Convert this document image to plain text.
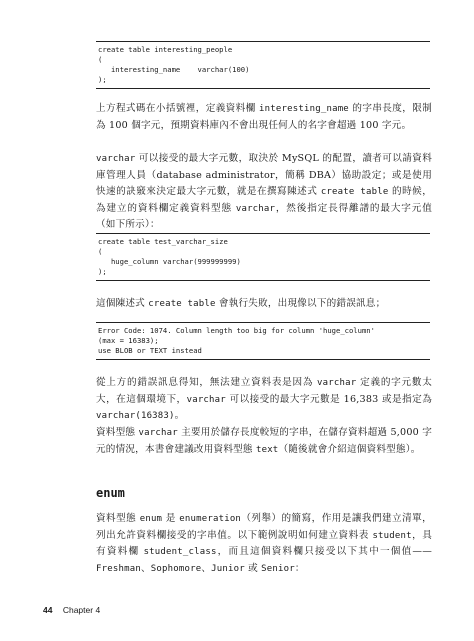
create table interesting_people
(
interesting_name    varchar(100)
);
上方程式碼在小括號裡，定義資料欄 interesting_name 的字串長度，限制為 100 個字元，預期資料庫內不會出現任何人的名字會超過 100 字元。
varchar 可以接受的最大字元數，取決於 MySQL 的配置，讀者可以請資料庫管理人員（database administrator，簡稱 DBA）協助設定；或是使用快速的訣竅來決定最大字元數，就是在撰寫陳述式 create table 的時候，為建立的資料欄定義資料型態 varchar，然後指定長得離譜的最大字元值（如下所示）：
create table test_varchar_size
(
huge_column varchar(999999999)
);
這個陳述式 create table 會執行失敗，出現像以下的錯誤訊息；
Error Code: 1074. Column length too big for column 'huge_column'
(max = 16383);
use BLOB or TEXT instead
從上方的錯誤訊息得知，無法建立資料表是因為 varchar 定義的字元數太大，在這個環境下，varchar 可以接受的最大字元數是 16,383 或是指定為 varchar(16383)。
資料型態 varchar 主要用於儲存長度較短的字串，在儲存資料超過 5,000 字元的情況，本書會建議改用資料型態 text（隨後就會介紹這個資料型態）。
enum
資料型態 enum 是 enumeration（列舉）的簡寫，作用是讓我們建立清單，列出允許資料欄接受的字串值。以下範例說明如何建立資料表 student，具有資料欄 student_class，而且這個資料欄只接受以下其中一個值——Freshman、Sophomore、Junior 或 Senior：
44 Chapter 4
